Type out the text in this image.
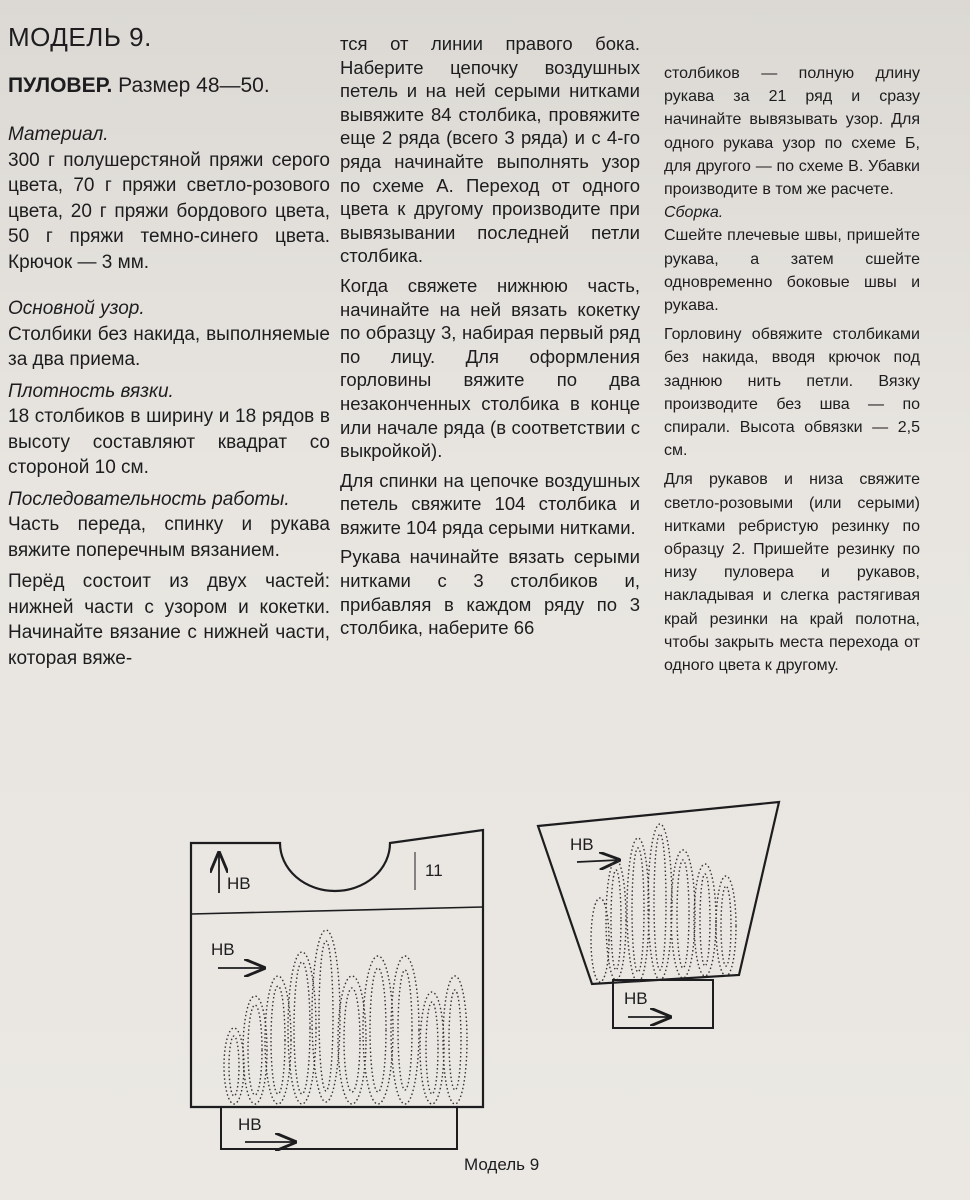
МОДЕЛЬ 9.
ПУЛОВЕР. Размер 48—50.

Материал.

300 г полушерстяной пряжи серого цвета, 70 г пряжи светло-розового цвета, 20 г пряжи бордового цвета, 50 г пряжи темно-синего цвета. Крючок — 3 мм.

Основной узор.

Столбики без накида, выполняемые за два приема.

Плотность вязки.

18 столбиков в ширину и 18 рядов в высоту составляют квадрат со стороной 10 см.

Последовательность работы.

Часть переда, спинку и рукава вяжите поперечным вязанием.

Перёд состоит из двух частей: нижней части с узором и кокетки. Начинайте вязание с нижней части, которая вяже-

тся от линии правого бока. Наберите цепочку воздушных петель и на ней серыми нитками вывяжите 84 столбика, провяжите еще 2 ряда (всего 3 ряда) и с 4-го ряда начинайте выполнять узор по схеме А. Переход от одного цвета к другому производите при вывязывании последней петли столбика.

Когда свяжете нижнюю часть, начинайте на ней вязать кокетку по образцу 3, набирая первый ряд по лицу. Для оформления горловины вяжите по два незаконченных столбика в конце или начале ряда (в соответствии с выкройкой).

Для спинки на цепочке воздушных петель свяжите 104 столбика и вяжите 104 ряда серыми нитками.

Рукава начинайте вязать серыми нитками с 3 столбиков и, прибавляя в каждом ряду по 3 столбика, наберите 66

столбиков — полную длину рукава за 21 ряд и сразу начинайте вывязывать узор. Для одного рукава узор по схеме Б, для другого — по схеме В. Убавки производите в том же расчете.

Сборка.

Сшейте плечевые швы, пришейте рукава, а затем сшейте одновременно боковые швы и рукава.

Горловину обвяжите столбиками без накида, вводя крючок под заднюю нить петли. Вязку производите без шва — по спирали. Высота обвязки — 2,5 см.

Для рукавов и низа свяжите светло-розовыми (или серыми) нитками ребристую резинку по образцу 2. Пришейте резинку по низу пуловера и рукавов, накладывая и слегка растягивая край резинки на край полотна, чтобы закрыть места перехода от одного цвета к другому.

НВ
11
НВ
НВ
НВ
НВ
Модель 9
